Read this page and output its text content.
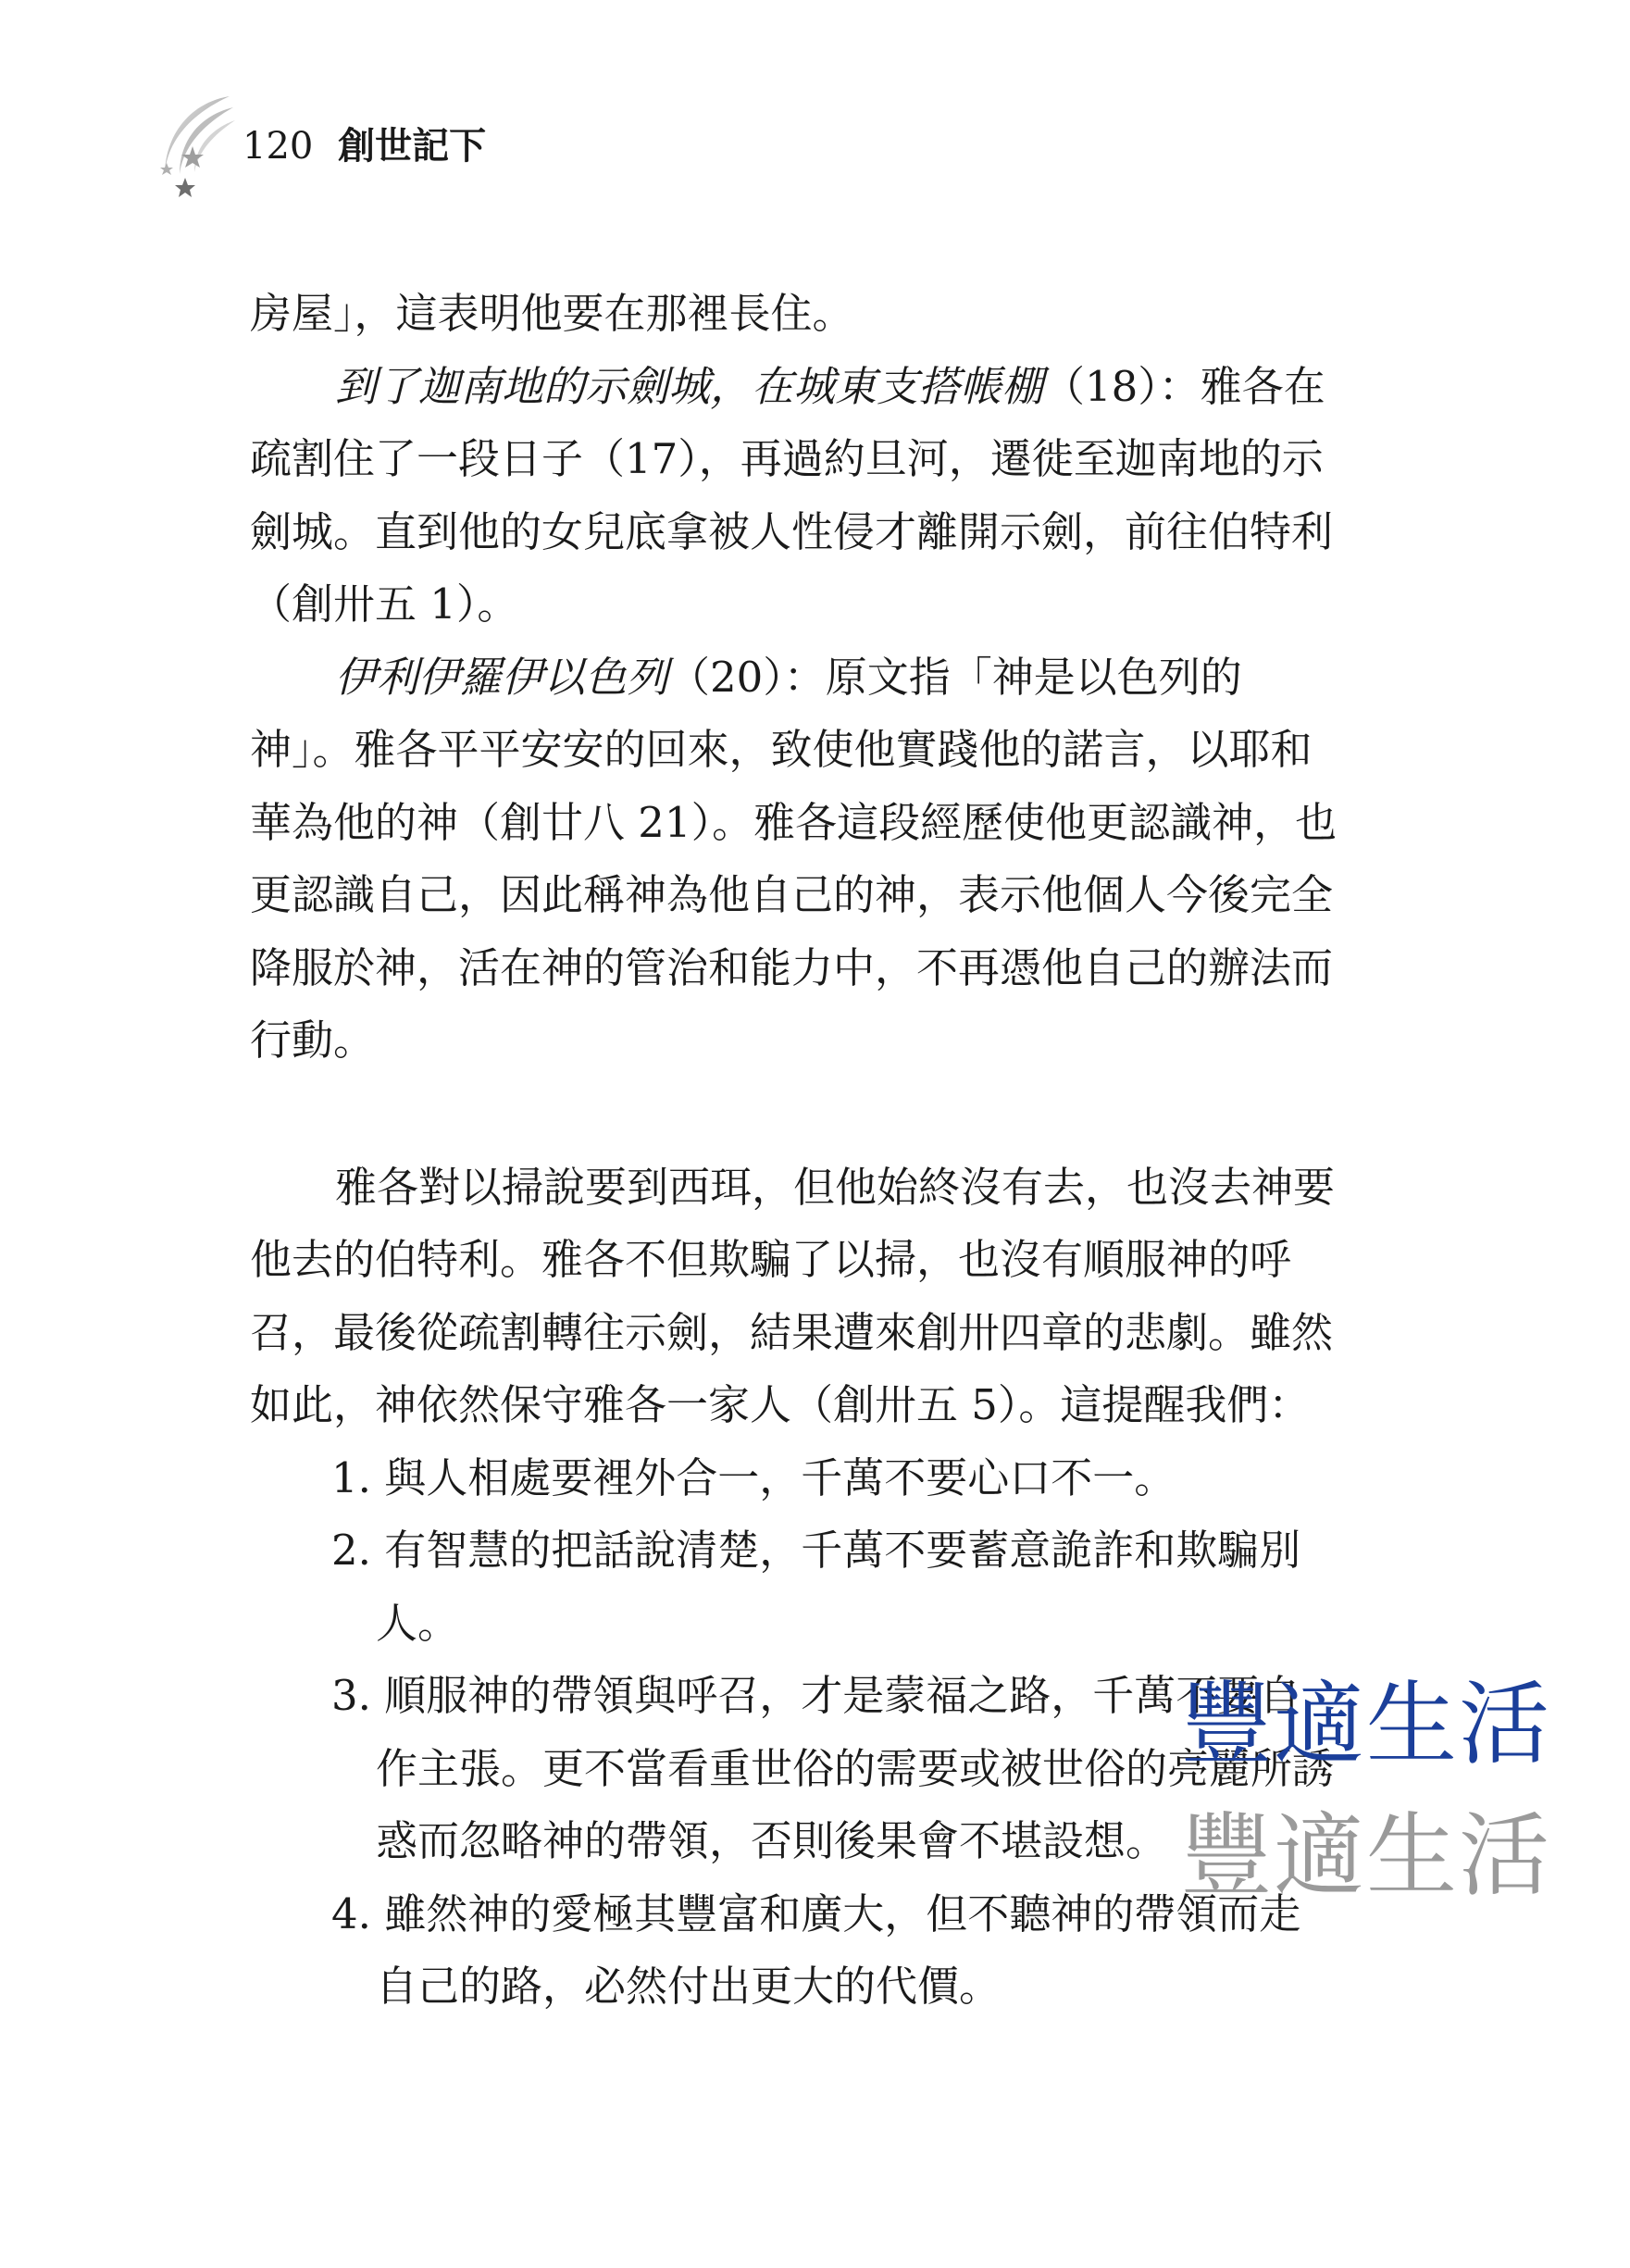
120 創世記下

房屋」，這表明他要在那裡長住。

到了迦南地的示劍城，在城東支搭帳棚（18）：雅各在疏割住了一段日子（17），再過約旦河，遷徙至迦南地的示劍城。直到他的女兒底拿被人性侵才離開示劍，前往伯特利（創卅五 1）。

伊利伊羅伊以色列（20）：原文指「神是以色列的神」。雅各平平安安的回來，致使他實踐他的諾言，以耶和華為他的神（創廿八 21）。雅各這段經歷使他更認識神，也更認識自己，因此稱神為他自己的神，表示他個人今後完全降服於神，活在神的管治和能力中，不再憑他自己的辦法而行動。

雅各對以掃說要到西珥，但他始終沒有去，也沒去神要他去的伯特利。雅各不但欺騙了以掃，也沒有順服神的呼召，最後從疏割轉往示劍，結果遭來創卅四章的悲劇。雖然如此，神依然保守雅各一家人（創卅五 5）。這提醒我們：

1. 與人相處要裡外合一，千萬不要心口不一。
2. 有智慧的把話說清楚，千萬不要蓄意詭詐和欺騙別人。
3. 順服神的帶領與呼召，才是蒙福之路，千萬不要自作主張。更不當看重世俗的需要或被世俗的亮麗所誘惑而忽略神的帶領，否則後果會不堪設想。
4. 雖然神的愛極其豐富和廣大，但不聽神的帶領而走自己的路，必然付出更大的代價。
豐適生活
豐適生活
